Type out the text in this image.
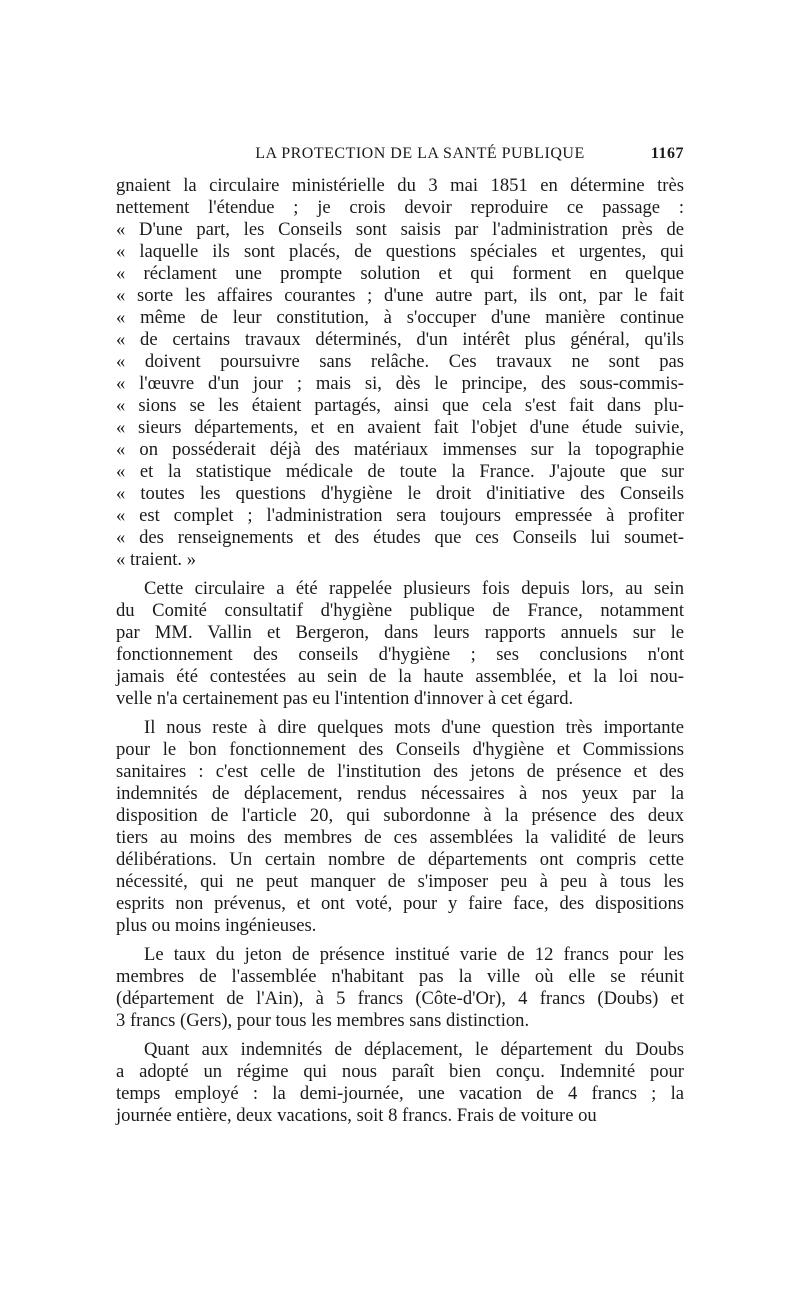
LA PROTECTION DE LA SANTÉ PUBLIQUE	1167
gnaient la circulaire ministérielle du 3 mai 1851 en détermine très
nettement l'étendue ; je crois devoir reproduire ce passage :
« D'une part, les Conseils sont saisis par l'administration près de
« laquelle ils sont placés, de questions spéciales et urgentes, qui
« réclament une prompte solution et qui forment en quelque
« sorte les affaires courantes ; d'une autre part, ils ont, par le fait
« même de leur constitution, à s'occuper d'une manière continue
« de certains travaux déterminés, d'un intérêt plus général, qu'ils
« doivent poursuivre sans relâche. Ces travaux ne sont pas
« l'œuvre d'un jour ; mais si, dès le principe, des sous-commis-
« sions se les étaient partagés, ainsi que cela s'est fait dans plu-
« sieurs départements, et en avaient fait l'objet d'une étude suivie,
« on posséderait déjà des matériaux immenses sur la topographie
« et la statistique médicale de toute la France. J'ajoute que sur
« toutes les questions d'hygiène le droit d'initiative des Conseils
« est complet ; l'administration sera toujours empressée à profiter
« des renseignements et des études que ces Conseils lui soumet-
« traient. »
Cette circulaire a été rappelée plusieurs fois depuis lors, au sein
du Comité consultatif d'hygiène publique de France, notamment
par MM. Vallin et Bergeron, dans leurs rapports annuels sur le
fonctionnement des conseils d'hygiène ; ses conclusions n'ont
jamais été contestées au sein de la haute assemblée, et la loi nou-
velle n'a certainement pas eu l'intention d'innover à cet égard.
Il nous reste à dire quelques mots d'une question très importante
pour le bon fonctionnement des Conseils d'hygiène et Commissions
sanitaires : c'est celle de l'institution des jetons de présence et des
indemnités de déplacement, rendus nécessaires à nos yeux par la
disposition de l'article 20, qui subordonne à la présence des deux
tiers au moins des membres de ces assemblées la validité de leurs
délibérations. Un certain nombre de départements ont compris cette
nécessité, qui ne peut manquer de s'imposer peu à peu à tous les
esprits non prévenus, et ont voté, pour y faire face, des dispositions
plus ou moins ingénieuses.
Le taux du jeton de présence institué varie de 12 francs pour les
membres de l'assemblée n'habitant pas la ville où elle se réunit
(département de l'Ain), à 5 francs (Côte-d'Or), 4 francs (Doubs) et
3 francs (Gers), pour tous les membres sans distinction.
Quant aux indemnités de déplacement, le département du Doubs
a adopté un régime qui nous paraît bien conçu. Indemnité pour
temps employé : la demi-journée, une vacation de 4 francs ; la
journée entière, deux vacations, soit 8 francs. Frais de voiture ou
